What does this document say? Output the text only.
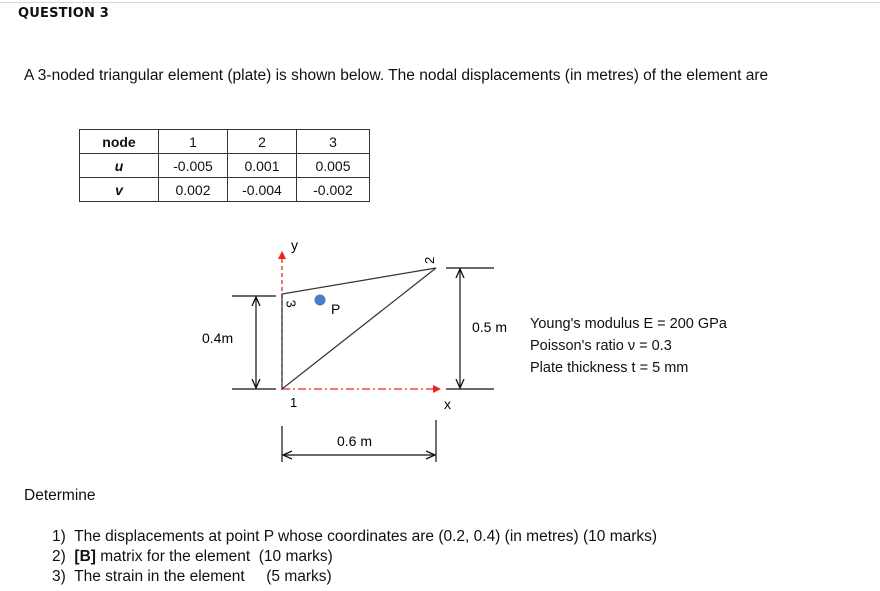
QUESTION 3
A 3-noded triangular element (plate) is shown below. The nodal displacements (in metres) of the element are
node	1	2	3
u	-0.005	0.001	0.005
v	0.002	-0.004	-0.002
y
x
1
2
3 P
0.4m
0.5 m
0.6 m
Young's modulus E = 200 GPa
Poisson's ratio ν = 0.3
Plate thickness t = 5 mm
Determine
1) The displacements at point P whose coordinates are (0.2, 0.4) (in metres) (10 marks)
2) [B] matrix for the element  (10 marks)
3) The strain in the element     (5 marks)
